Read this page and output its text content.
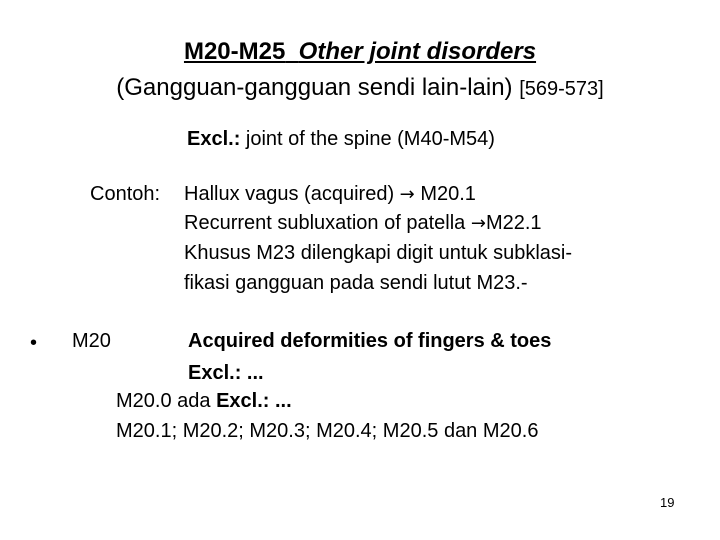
M20-M25 Other joint disorders
(Gangguan-gangguan sendi lain-lain) [569-573]
Excl.: joint of the spine (M40-M54)
Contoh: Hallux vagus (acquired) → M20.1
Recurrent subluxation of patella →M22.1
Khusus M23 dilengkapi digit untuk subklasi-
fikasi gangguan pada sendi lutut M23.-
• M20	Acquired deformities of fingers & toes
Excl.: ...
M20.0 ada Excl.: ...
M20.1; M20.2; M20.3; M20.4; M20.5 dan M20.6
19
